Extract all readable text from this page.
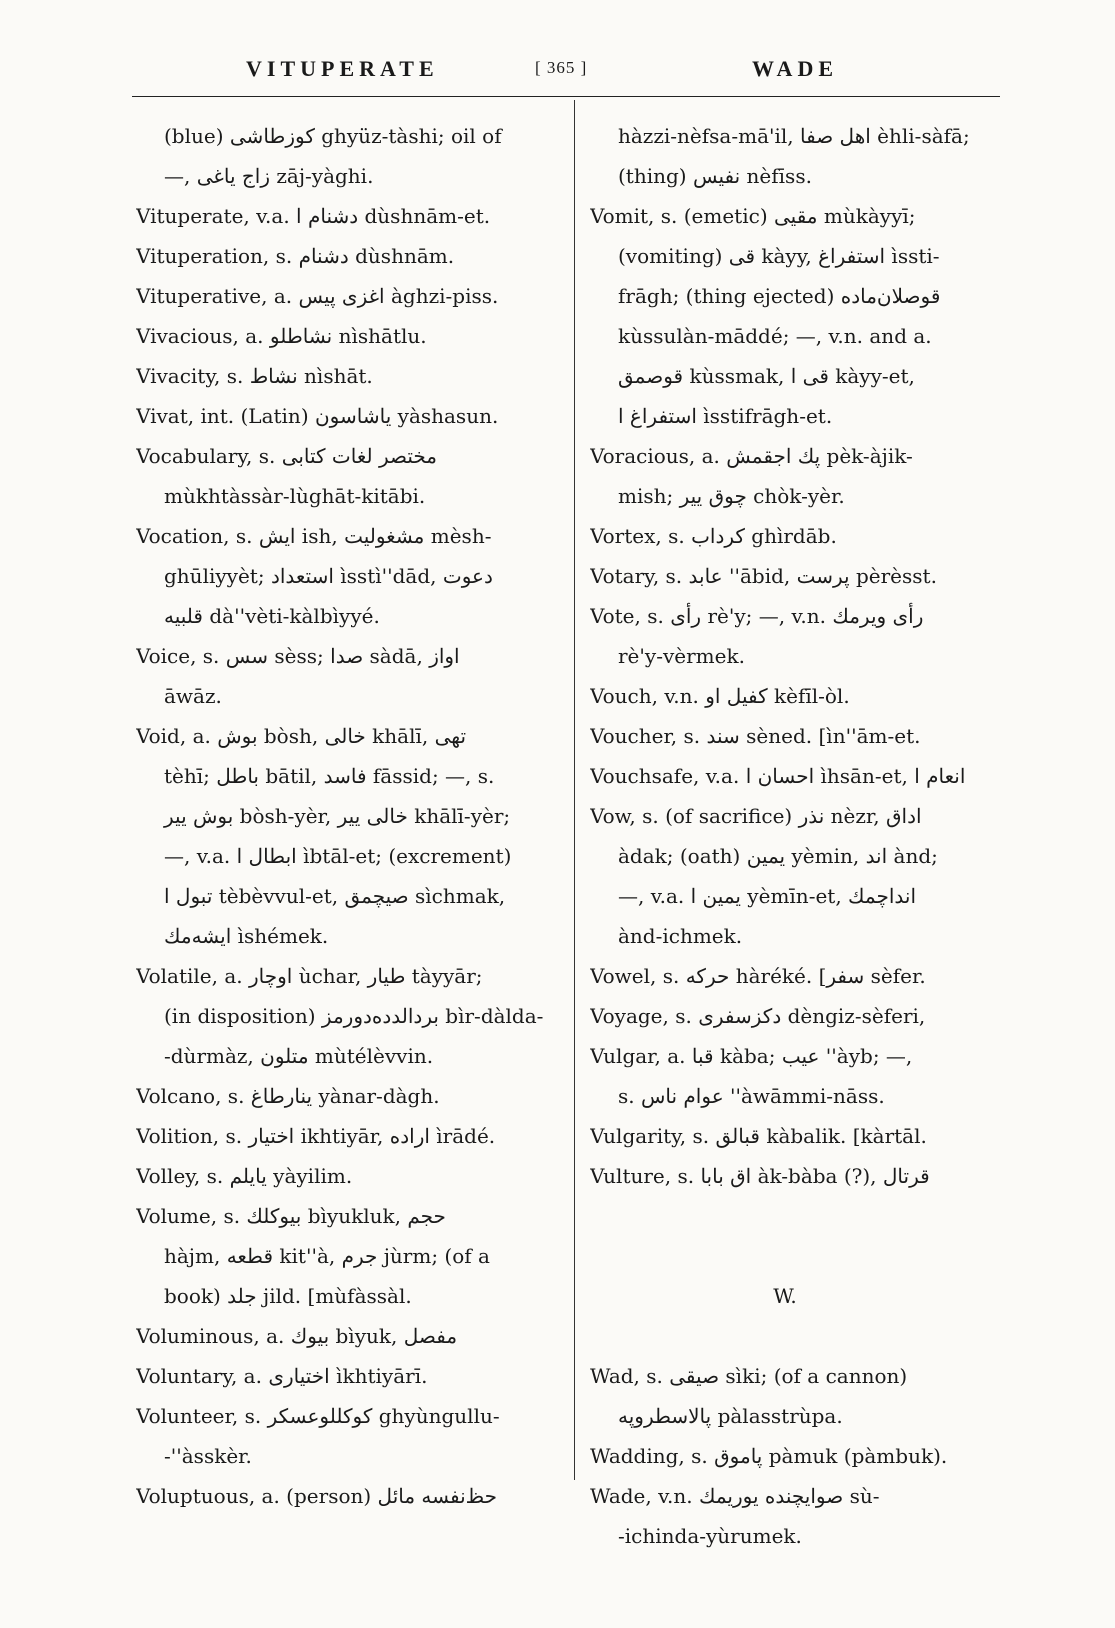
VITUPERATE	[ 365 ]	WADE
(blue) كوزطاشى ghyüz-tàshi; oil of
—, زاج ياغى zāj-yàghi.
Vituperate, v.a. دشنام ا dùshnām-et.
Vituperation, s. دشنام dùshnām.
Vituperative, a. اغزى پيس àghzi-piss.
Vivacious, a. نشاطلو nìshātlu.
Vivacity, s. نشاط nìshāt.
Vivat, int. (Latin) ياشاسون yàshasun.
Vocabulary, s. مختصر لغات كتابى
mùkhtàssàr-lùghāt-kitābi.
Vocation, s. ايش ish, مشغوليت mèsh-
ghūliyyèt; استعداد ìsstì''dād, دعوت
قلبيه dà''vèti-kàlbìyyé.
Voice, s. سس sèss; صدا sàdā, اواز
āwāz.
Void, a. بوش bòsh, خالى khālī, تهى
tèhī; باطل bātil, فاسد fāssid; —, s.
بوش يير bòsh-yèr, خالى يير khālī-yèr;
—, v.a. ابطال ا ìbtāl-et; (excrement)
تبول ا tèbèvvul-et, صيچمق sìchmak,
ايشه‌مك ìshémek.
Volatile, a. اوچار ùchar, طيار tàyyār;
(in disposition) بردالدده‌دورمز bìr-dàlda-
-dùrmàz, متلون mùtélèvvin.
Volcano, s. ينارطاغ yànar-dàgh.
Volition, s. اختيار ikhtiyār, اراده ìrādé.
Volley, s. يايلم yàyilim.
Volume, s. بيوكلك bìyukluk, حجم
hàjm, قطعه kit''à, جرم jùrm; (of a
book) جلد jild. [mùfàssàl.
Voluminous, a. بيوك bìyuk, مفصل
Voluntary, a. اختيارى ìkhtiyārī.
Volunteer, s. كوكللوعسكر ghyùngullu-
-''àsskèr.
Voluptuous, a. (person) حظ‌نفسه مائل
hàzzi-nèfsa-mā'il, اهل صفا èhli-sàfā;
(thing) نفيس nèfīss.
Vomit, s. (emetic) مقيى mùkàyyī;
(vomiting) قى kàyy, استفراغ ìssti-
frāgh; (thing ejected) قوصلان‌ماده
kùssulàn-māddé; —, v.n. and a.
قوصمق kùssmak, قى ا kàyy-et,
استفراغ ا ìsstifrāgh-et.
Voracious, a. پك اجقمش pèk-àjik-
mish; چوق يير chòk-yèr.
Vortex, s. كرداب ghìrdāb.
Votary, s. عابد ''ābid, پرست pèrèsst.
Vote, s. رأى rè'y; —, v.n. رأى ويرمك
rè'y-vèrmek.
Vouch, v.n. كفيل او kèfīl-òl.
Voucher, s. سند sèned. [ìn''ām-et.
Vouchsafe, v.a. احسان ا ìhsān-et, انعام ا
Vow, s. (of sacrifice) نذر nèzr, اداق
àdak; (oath) يمين yèmin, اند ànd;
—, v.a. يمين ا yèmīn-et, انداچمك
ànd-ichmek.
Vowel, s. حركه hàréké. [سفر sèfer.
Voyage, s. دكزسفرى dèngiz-sèferi,
Vulgar, a. قبا kàba; عيب ''àyb; —,
s. عوام ناس ''àwāmmi-nāss.
Vulgarity, s. قبالق kàbalik. [kàrtāl.
Vulture, s. اق بابا àk-bàba (?), قرتال
W.
Wad, s. صيقى sìki; (of a cannon)
پالاسطروپه pàlasstrùpa.
Wadding, s. پاموق pàmuk (pàmbuk).
Wade, v.n. صوايچنده يوريمك sù-
-ichinda-yùrumek.
